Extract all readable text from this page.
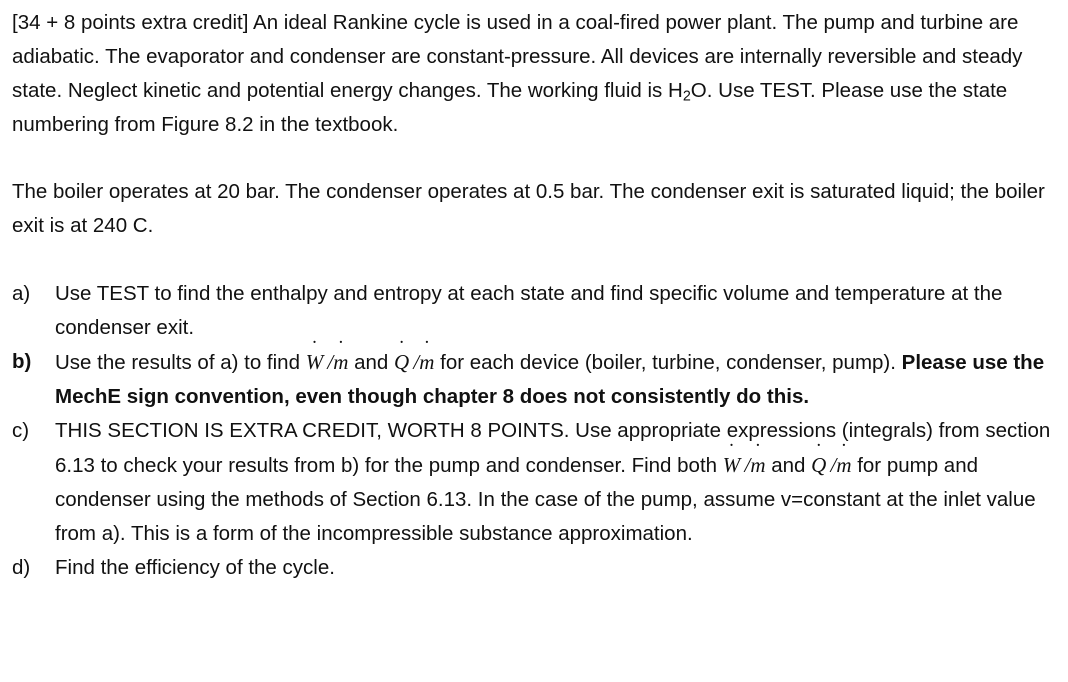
[34 + 8 points extra credit] An ideal Rankine cycle is used in a coal-fired power plant. The pump and turbine are adiabatic. The evaporator and condenser are constant-pressure. All devices are internally reversible and steady state. Neglect kinetic and potential energy changes. The working fluid is $H_2O$. Use TEST. Please use the state numbering from Figure 8.2 in the textbook.

The boiler operates at 20 bar. The condenser operates at 0.5 bar. The condenser exit is saturated liquid; the boiler exit is at 240 C.

a) Use TEST to find the enthalpy and entropy at each state and find specific volume and temperature at the condenser exit.
b) Use the results of a) to find W ˙  /m ˙ and Q ˙  /m ˙ for each device (boiler, turbine, condenser, pump). Please use the MechE sign convention, even though chapter 8 does not consistently do this.
c) THIS SECTION IS EXTRA CREDIT, WORTH 8 POINTS. Use appropriate expressions (integrals) from section 6.13 to check your results from b) for the pump and condenser. Find both W ˙  /m ˙ and Q ˙  /m ˙ for pump and condenser using the methods of Section 6.13. In the case of the pump, assume v=constant at the inlet value from a). This is a form of the incompressible substance approximation.
d) Find the efficiency of the cycle.
